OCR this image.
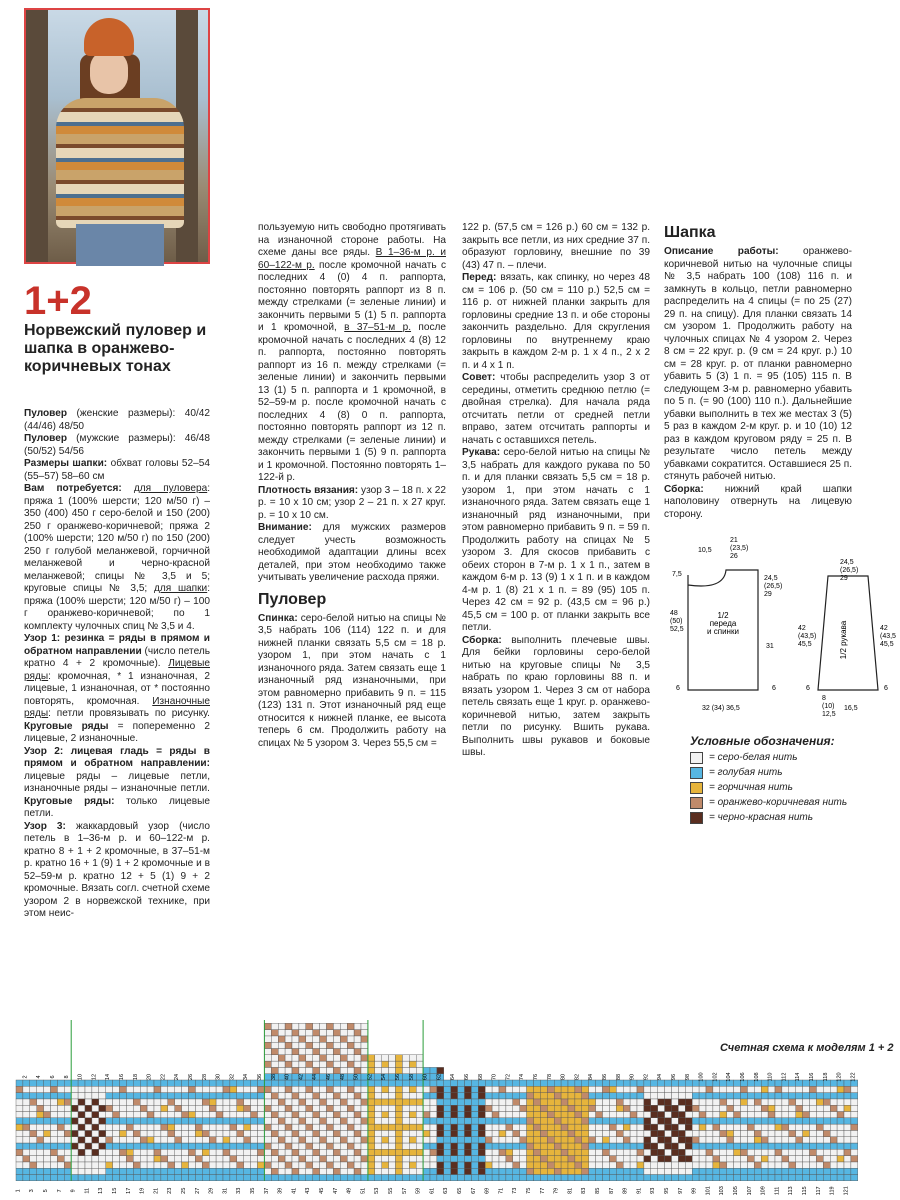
1+2
Норвежский пуловер и шапка в оранжево-коричневых тонах

Пуловер (женские размеры): 40/42 (44/46) 48/50

Пуловер (мужские размеры): 46/48 (50/52) 54/56

Размеры шапки: обхват головы 52–54 (55–57) 58–60 см

Вам потребуется: для пуловера: пряжа 1 (100% шерсти; 120 м/50 г) – 350 (400) 450 г серо-белой и 150 (200) 250 г оранжево-коричневой; пряжа 2 (100% шерсти; 120 м/50 г) по 150 (200) 250 г голубой меланжевой, горчичной меланжевой и черно-красной меланжевой; спицы № 3,5 и 5; круговые спицы № 3,5; для шапки: пряжа (100% шерсти; 120 м/50 г) – 100 г оранжево-коричневой; по 1 комплекту чулочных спиц № 3,5 и 4.

Узор 1: резинка = ряды в прямом и обратном направлении (число петель кратно 4 + 2 кромочные). Лицевые ряды: кромочная, * 1 изнаночная, 2 лицевые, 1 изнаночная, от * постоянно повторять, кромочная. Изнаночные ряды: петли провязывать по рисунку. Круговые ряды = попеременно 2 лицевые, 2 изнаночные.

Узор 2: лицевая гладь = ряды в прямом и обратном направлении: лицевые ряды – лицевые петли, изнаночные ряды – изнаночные петли. Круговые ряды: только лицевые петли.

Узор 3: жаккардовый узор (число петель в 1–36-м р. и 60–122-м р. кратно 8 + 1 + 2 кромочные, в 37–51-м р. кратно 16 + 1 (9) 1 + 2 кромочные и в 52–59-м р. кратно 12 + 5 (1) 9 + 2 кромочные. Вязать согл. счетной схеме узором 2 в норвежской технике, при этом неис-

пользуемую нить свободно протягивать на изнаночной стороне работы. На схеме даны все ряды. В 1–36-м р. и 60–122-м р. после кромочной начать с последних 4 (0) 4 п. раппорта, постоянно повторять раппорт из 8 п. между стрелками (= зеленые линии) и закончить первыми 5 (1) 5 п. раппорта и 1 кромочной, в 37–51-м р. после кромочной начать с последних 4 (8) 12 п. раппорта, постоянно повторять раппорт из 16 п. между стрелками (= зеленые линии) и закончить первыми 13 (1) 5 п. раппорта и 1 кромочной, в 52–59-м р. после кромочной начать с последних 4 (8) 0 п. раппорта, постоянно повторять раппорт из 12 п. между стрелками (= зеленые линии) и закончить первыми 1 (5) 9 п. раппорта и 1 кромочной. Постоянно повторять 1–122-й р.

Плотность вязания: узор 3 – 18 п. x 22 р. = 10 x 10 см; узор 2 – 21 п. x 27 круг. р. = 10 x 10 см.

Внимание: для мужских размеров следует учесть возможность необходимой адаптации длины всех деталей, при этом необходимо также учитывать увеличение расхода пряжи.

Пуловер

Спинка: серо-белой нитью на спицы № 3,5 набрать 106 (114) 122 п. и для нижней планки связать 5,5 см = 18 р. узором 1, при этом начать с 1 изнаночного ряда. Затем связать еще 1 изнаночный ряд изнаночными, при этом равномерно прибавить 9 п. = 115 (123) 131 п. Этот изнаночный ряд еще относится к нижней планке, ее высота теперь 6 см. Продолжить работу на спицах № 5 узором 3. Через 55,5 см =

122 р. (57,5 см = 126 р.) 60 см = 132 р. закрыть все петли, из них средние 37 п. образуют горловину, внешние по 39 (43) 47 п. – плечи.

Перед: вязать, как спинку, но через 48 см = 106 р. (50 см = 110 р.) 52,5 см = 116 р. от нижней планки закрыть для горловины средние 13 п. и обе стороны закончить раздельно. Для скругления горловины по внутреннему краю закрыть в каждом 2-м р. 1 x 4 п., 2 x 2 п. и 4 x 1 п.

Совет: чтобы распределить узор 3 от середины, отметить среднюю петлю (= двойная стрелка). Для начала ряда отсчитать петли от средней петли вправо, затем отсчитать раппорты и начать с оставшихся петель.

Рукава: серо-белой нитью на спицы № 3,5 набрать для каждого рукава по 50 п. и для планки связать 5,5 см = 18 р. узором 1, при этом начать с 1 изнаночного ряда. Затем связать еще 1 изнаночный ряд изнаночными, при этом равномерно прибавить 9 п. = 59 п. Продолжить работу на спицах № 5 узором 3. Для скосов прибавить с обеих сторон в 7-м р. 1 x 1 п., затем в каждом 6-м р. 13 (9) 1 x 1 п. и в каждом 4-м р. 1 (8) 21 x 1 п. = 89 (95) 105 п. Через 42 см = 92 р. (43,5 см = 96 р.) 45,5 см = 100 р. от планки закрыть все петли.

Сборка: выполнить плечевые швы. Для бейки горловины серо-белой нитью на круговые спицы № 3,5 набрать по краю горловины 88 п. и вязать узором 1. Через 3 см от набора петель связать еще 1 круг. р. оранжево-коричневой нитью, затем закрыть петли по рисунку. Вшить рукава. Выполнить швы рукавов и боковые швы.

Шапка

Описание работы: оранжево-коричневой нитью на чулочные спицы № 3,5 набрать 100 (108) 116 п. и замкнуть в кольцо, петли равномерно распределить на 4 спицы (= по 25 (27) 29 п. на спицу). Для планки связать 14 см узором 1. Продолжить работу на чулочных спицах № 4 узором 2. Через 8 см = 22 круг. р. (9 см = 24 круг. р.) 10 см = 28 круг. р. от планки равномерно убавить 5 (3) 1 п. = 95 (105) 115 п. В следующем 3-м р. равномерно убавить по 5 п. (= 90 (100) 110 п.). Дальнейшие убавки выполнить в тех же местах 3 (5) 5 раз в каждом 2-м круг. р. и 10 (10) 12 раз в каждом круговом ряду = 25 п. В результате число петель между убавками сократится. Оставшиеся 25 п. стянуть рабочей нитью.

Сборка: нижний край шапки наполовину отвернуть на лицевую сторону.

1/2 переда и спинки	1/2 рукава
10,5
21 (23,5) 26
7,5
24,5 (26,5) 29
48 (50) 52,5
31
6	6
32 (34) 36,5
24,5 (26,5) 29
42 (43,5) 45,5
42 (43,5 45,5
6	6
8 (10) 12,5
16,5
Условные обозначения:
= серо-белая нить
= голубая нить
= горчичная нить
= оранжево-коричневая нить
= черно-красная нить
Счетная схема к моделям 1 + 2
2 4 6 8 10 12 14 16 18 20 22 24 26 28 30 32 34 36 38 40 42 44 46 48 50 52 54 56 58 60 62 64 66 68 70 72 74 76 78 80 82 84 86 88 90 92 94 96 98 100 102 104 106 108 110 112 114 116 118 120 122
1 3 5 7 9 11 13 15 17 19 21 23 25 27 29 31 33 35 37 39 41 43 45 47 49 51 53 55 57 59 61 63 65 67 69 71 73 75 77 79 81 83 85 87 89 91 93 95 97 99 101 103 105 107 109 111 113 115 117 119 121
